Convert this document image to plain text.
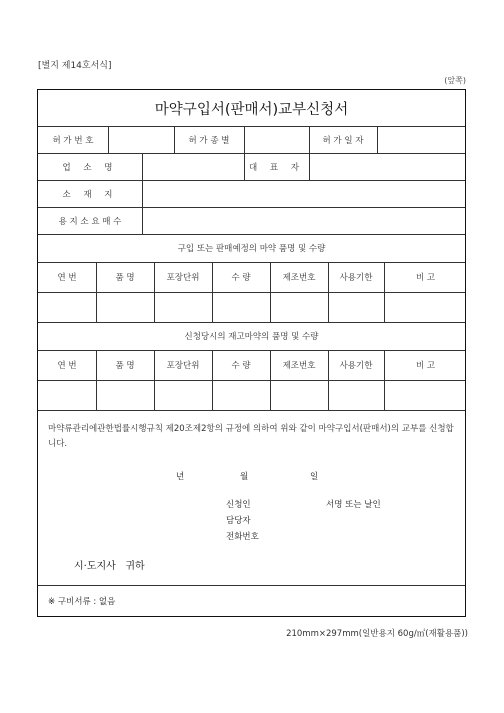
[별지 제14호서식]
(앞쪽)
마약구입서(판매서)교부신청서
허 가 번 호	허 가 종 별	허 가 일 자
업 소 명	대 표 자
소 재 지
용 지 소 요 매 수
구입 또는 판매예정의 마약 품명 및 수량
연 번	품 명	포장단위	수 량	제조번호	사용기한	비 고
신청당시의 재고마약의 품명 및 수량
연 번	품 명	포장단위	수 량	제조번호	사용기한	비 고
마약류관리에관한법률시행규칙 제20조제2항의 규정에 의하여 위와 같이 마약구입서(판매서)의 교부를 신청합니다.
년	월	일
신청인	서명 또는 날인
담당자
전화번호
시·도지사   귀하
※ 구비서류 : 없음
210mm×297mm(일반용지 60g/㎡(재활용품))
